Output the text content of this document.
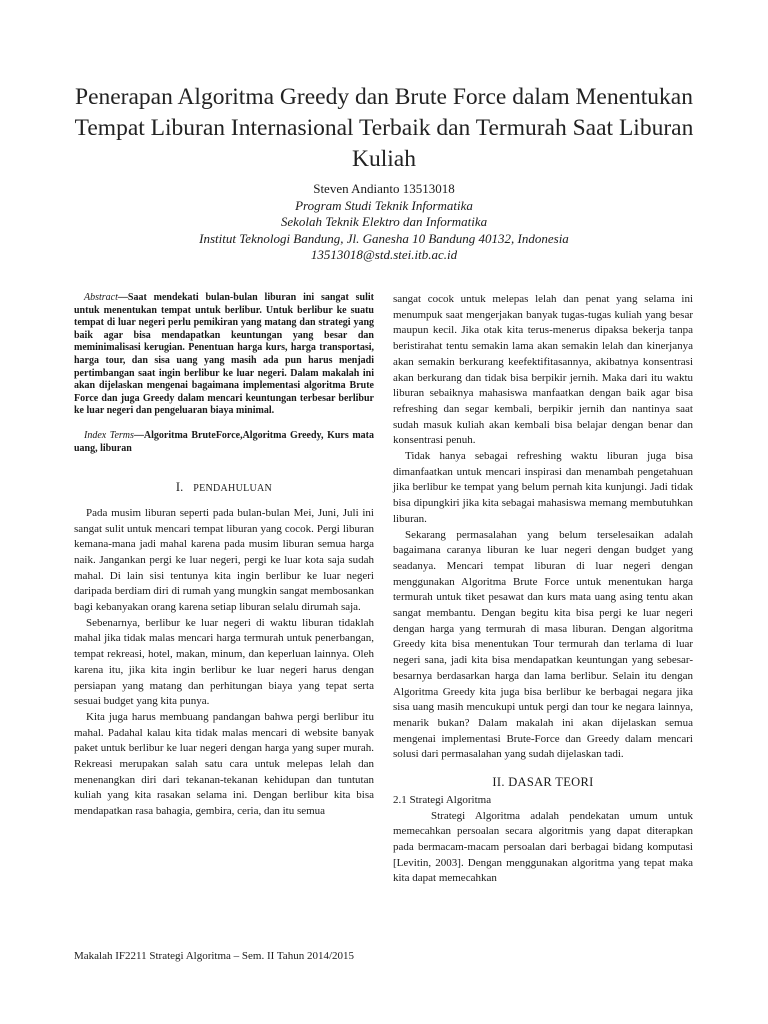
Penerapan Algoritma Greedy dan Brute Force dalam Menentukan Tempat Liburan Internasional Terbaik dan Termurah Saat Liburan Kuliah
Steven Andianto 13513018
Program Studi Teknik Informatika
Sekolah Teknik Elektro dan Informatika
Institut Teknologi Bandung, Jl. Ganesha 10 Bandung 40132, Indonesia
13513018@std.stei.itb.ac.id

Abstract—Saat mendekati bulan-bulan liburan ini sangat sulit untuk menentukan tempat untuk berlibur. Untuk berlibur ke suatu tempat di luar negeri perlu pemikiran yang matang dan strategi yang baik agar bisa mendapatkan keuntungan yang besar dan meminimalisasi kerugian. Penentuan harga kurs, harga transportasi, harga tour, dan sisa uang yang masih ada pun harus menjadi pertimbangan saat ingin berlibur ke luar negeri. Dalam makalah ini akan dijelaskan mengenai bagaimana implementasi algoritma Brute Force dan juga Greedy dalam mencari keuntungan terbesar berlibur ke luar negeri dan pengeluaran biaya minimal.

Index Terms—Algoritma BruteForce,Algoritma Greedy, Kurs mata uang, liburan

I. PENDAHULUAN

Pada musim liburan seperti pada bulan-bulan Mei, Juni, Juli ini sangat sulit untuk mencari tempat liburan yang cocok. Pergi liburan kemana-mana jadi mahal karena pada musim liburan semua harga naik. Jangankan pergi ke luar negeri, pergi ke luar kota saja sudah mahal. Di lain sisi tentunya kita ingin berlibur ke luar negeri daripada berdiam diri di rumah yang mungkin sangat membosankan bagi kebanyakan orang karena setiap liburan selalu dirumah saja.

Sebenarnya, berlibur ke luar negeri di waktu liburan tidaklah mahal jika tidak malas mencari harga termurah untuk penerbangan, tempat rekreasi, hotel, makan, minum, dan keperluan lainnya. Oleh karena itu, jika kita ingin berlibur ke luar negeri harus dengan persiapan yang matang dan perhitungan biaya yang tepat serta sesuai budget yang kita punya.

Kita juga harus membuang pandangan bahwa pergi berlibur itu mahal. Padahal kalau kita tidak malas mencari di website banyak paket untuk berlibur ke luar negeri dengan harga yang super murah. Rekreasi merupakan salah satu cara untuk melepas lelah dan menenangkan diri dari tekanan-tekanan kehidupan dan tuntutan kuliah yang kita rasakan selama ini. Dengan berlibur kita bisa mendapatkan rasa bahagia, gembira, ceria, dan itu semua

sangat cocok untuk melepas lelah dan penat yang selama ini menumpuk saat mengerjakan banyak tugas-tugas kuliah yang besar maupun kecil. Jika otak kita terus-menerus dipaksa bekerja tanpa beristirahat tentu semakin lama akan semakin lelah dan kinerjanya akan semakin berkurang keefektifitasannya, akibatnya konsentrasi akan berkurang dan tidak bisa berpikir jernih. Maka dari itu waktu liburan sebaiknya mahasiswa manfaatkan dengan baik agar bisa refreshing dan segar kembali, berpikir jernih dan nantinya saat sudah masuk kuliah akan kembali bisa belajar dengan benar dan konsentrasi penuh.

Tidak hanya sebagai refreshing waktu liburan juga bisa dimanfaatkan untuk mencari inspirasi dan menambah pengetahuan jika berlibur ke tempat yang belum pernah kita kunjungi. Jadi tidak bisa dipungkiri jika kita sebagai mahasiswa memang membutuhkan liburan.

Sekarang permasalahan yang belum terselesaikan adalah bagaimana caranya liburan ke luar negeri dengan budget yang seadanya. Mencari tempat liburan di luar negeri dengan menggunakan Algoritma Brute Force untuk menentukan harga termurah untuk tiket pesawat dan kurs mata uang asing tentu akan sangat membantu. Dengan begitu kita bisa pergi ke luar negeri dengan harga yang termurah di masa liburan. Dengan algoritma Greedy kita bisa menentukan Tour termurah dan terlama di luar negeri sana, jadi kita bisa mendapatkan keuntungan yang sebesar-besarnya berdasarkan harga dan lama berlibur. Selain itu dengan Algoritma Greedy kita juga bisa berlibur ke berbagai negara jika sisa uang masih mencukupi untuk pergi dan tour ke negara lainnya, menarik bukan? Dalam makalah ini akan dijelaskan semua mengenai implementasi Brute-Force dan Greedy dalam mencari solusi dari permasalahan yang sudah dijelaskan tadi.

II. DASAR TEORI

2.1 Strategi Algoritma

Strategi Algoritma adalah pendekatan umum untuk memecahkan persoalan secara algoritmis yang dapat diterapkan pada bermacam-macam persoalan dari berbagai bidang komputasi [Levitin, 2003]. Dengan menggunakan algoritma yang tepat maka kita dapat memecahkan

Makalah IF2211 Strategi Algoritma – Sem. II Tahun 2014/2015
